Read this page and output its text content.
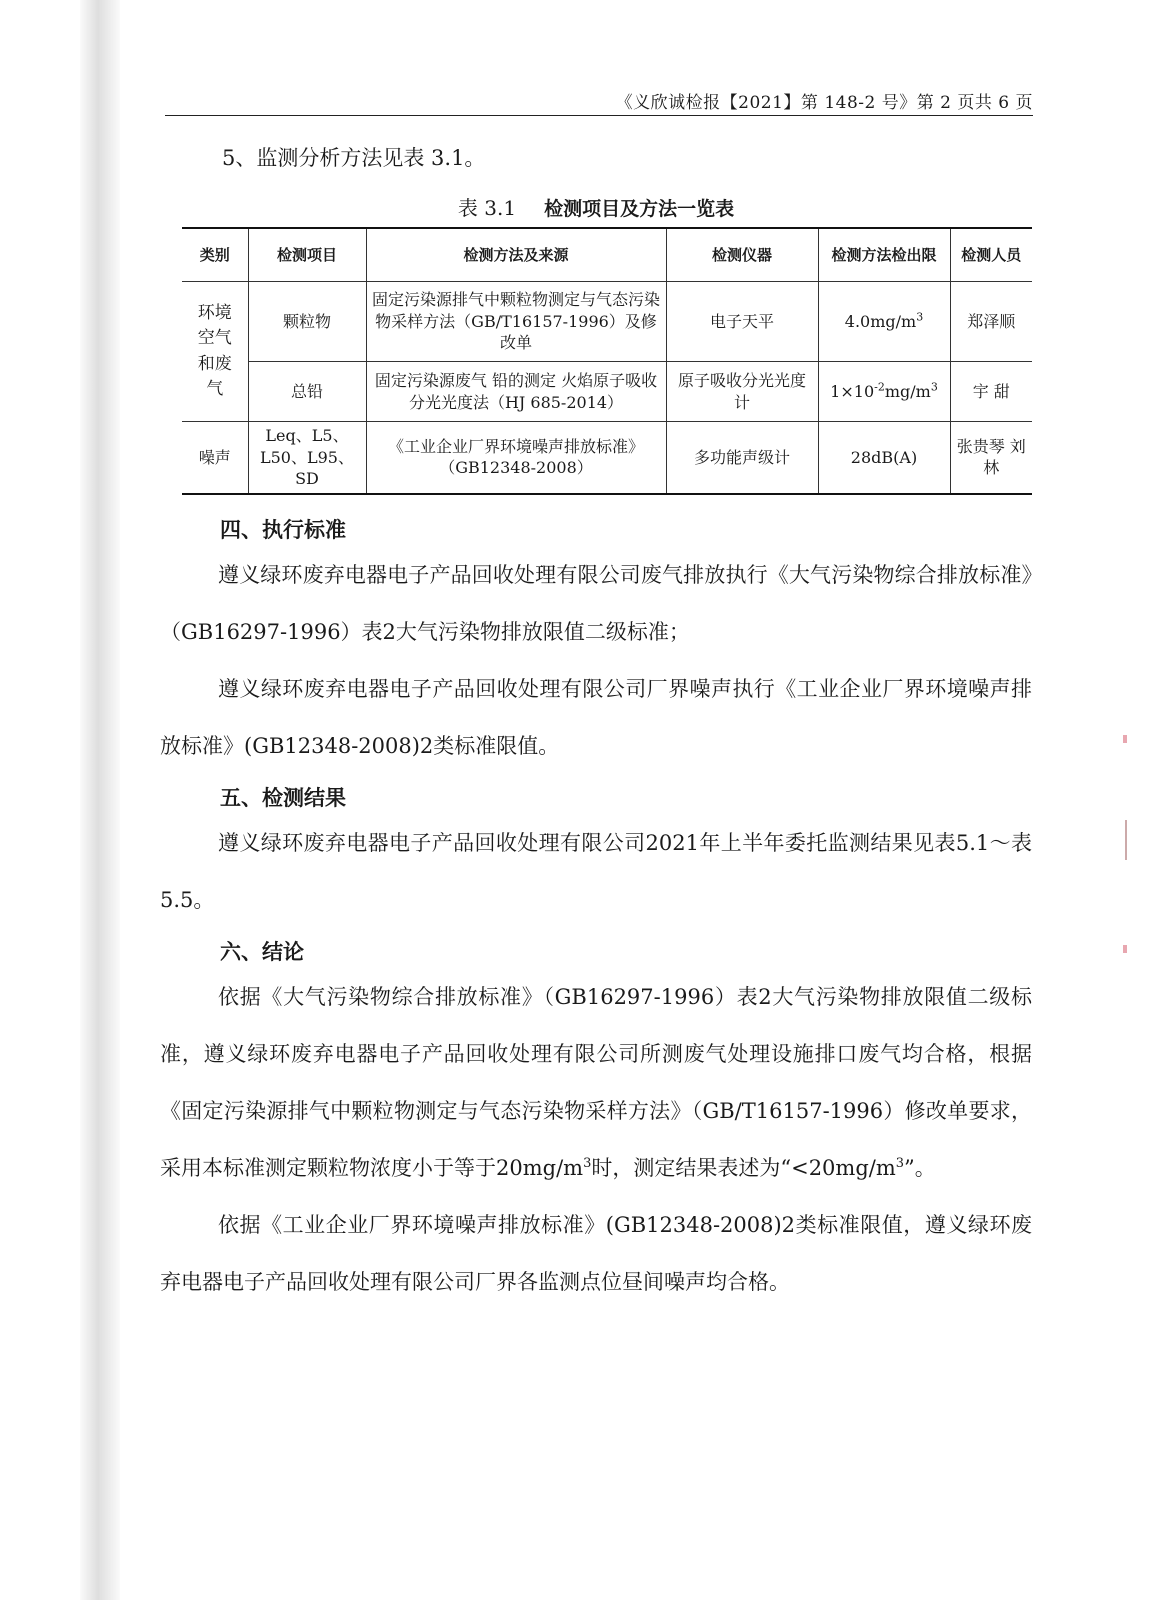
《义欣诚检报【2021】第 148-2 号》第 2 页共 6 页

5、监测分析方法见表 3.1。

表 3.1 检测项目及方法一览表
类别	检测项目	检测方法及来源	检测仪器	检测方法检出限	检测人员
环境空气和废气	颗粒物	固定污染源排气中颗粒物测定与气态污染物采样方法（GB/T16157-1996）及修改单	电子天平	$4.0mg/m^3$	郑泽顺
	总铅	固定污染源废气 铅的测定 火焰原子吸收分光光度法（HJ 685-2014）	原子吸收分光光度计	$1\times 10^{-2}mg/m^3$	宇 甜
噪声	Leq、L5、L50、L95、SD	《工业企业厂界环境噪声排放标准》（GB12348-2008）	多功能声级计	28dB(A)	张贵琴 刘 林
四、执行标准

遵义绿环废弃电器电子产品回收处理有限公司废气排放执行《大气污染物综合排放标准》（GB16297-1996）表2大气污染物排放限值二级标准；

遵义绿环废弃电器电子产品回收处理有限公司厂界噪声执行《工业企业厂界环境噪声排放标准》(GB12348-2008)2类标准限值。

五、检测结果

遵义绿环废弃电器电子产品回收处理有限公司2021年上半年委托监测结果见表5.1～表5.5。

六、结论

依据《大气污染物综合排放标准》（GB16297-1996）表2大气污染物排放限值二级标准，遵义绿环废弃电器电子产品回收处理有限公司所测废气处理设施排口废气均合格，根据《固定污染源排气中颗粒物测定与气态污染物采样方法》（GB/T16157-1996）修改单要求，采用本标准测定颗粒物浓度小于等于$20mg/m^3$时，测定结果表述为“$<20mg/m^3$”。

依据《工业企业厂界环境噪声排放标准》(GB12348-2008)2类标准限值，遵义绿环废弃电器电子产品回收处理有限公司厂界各监测点位昼间噪声均合格。
